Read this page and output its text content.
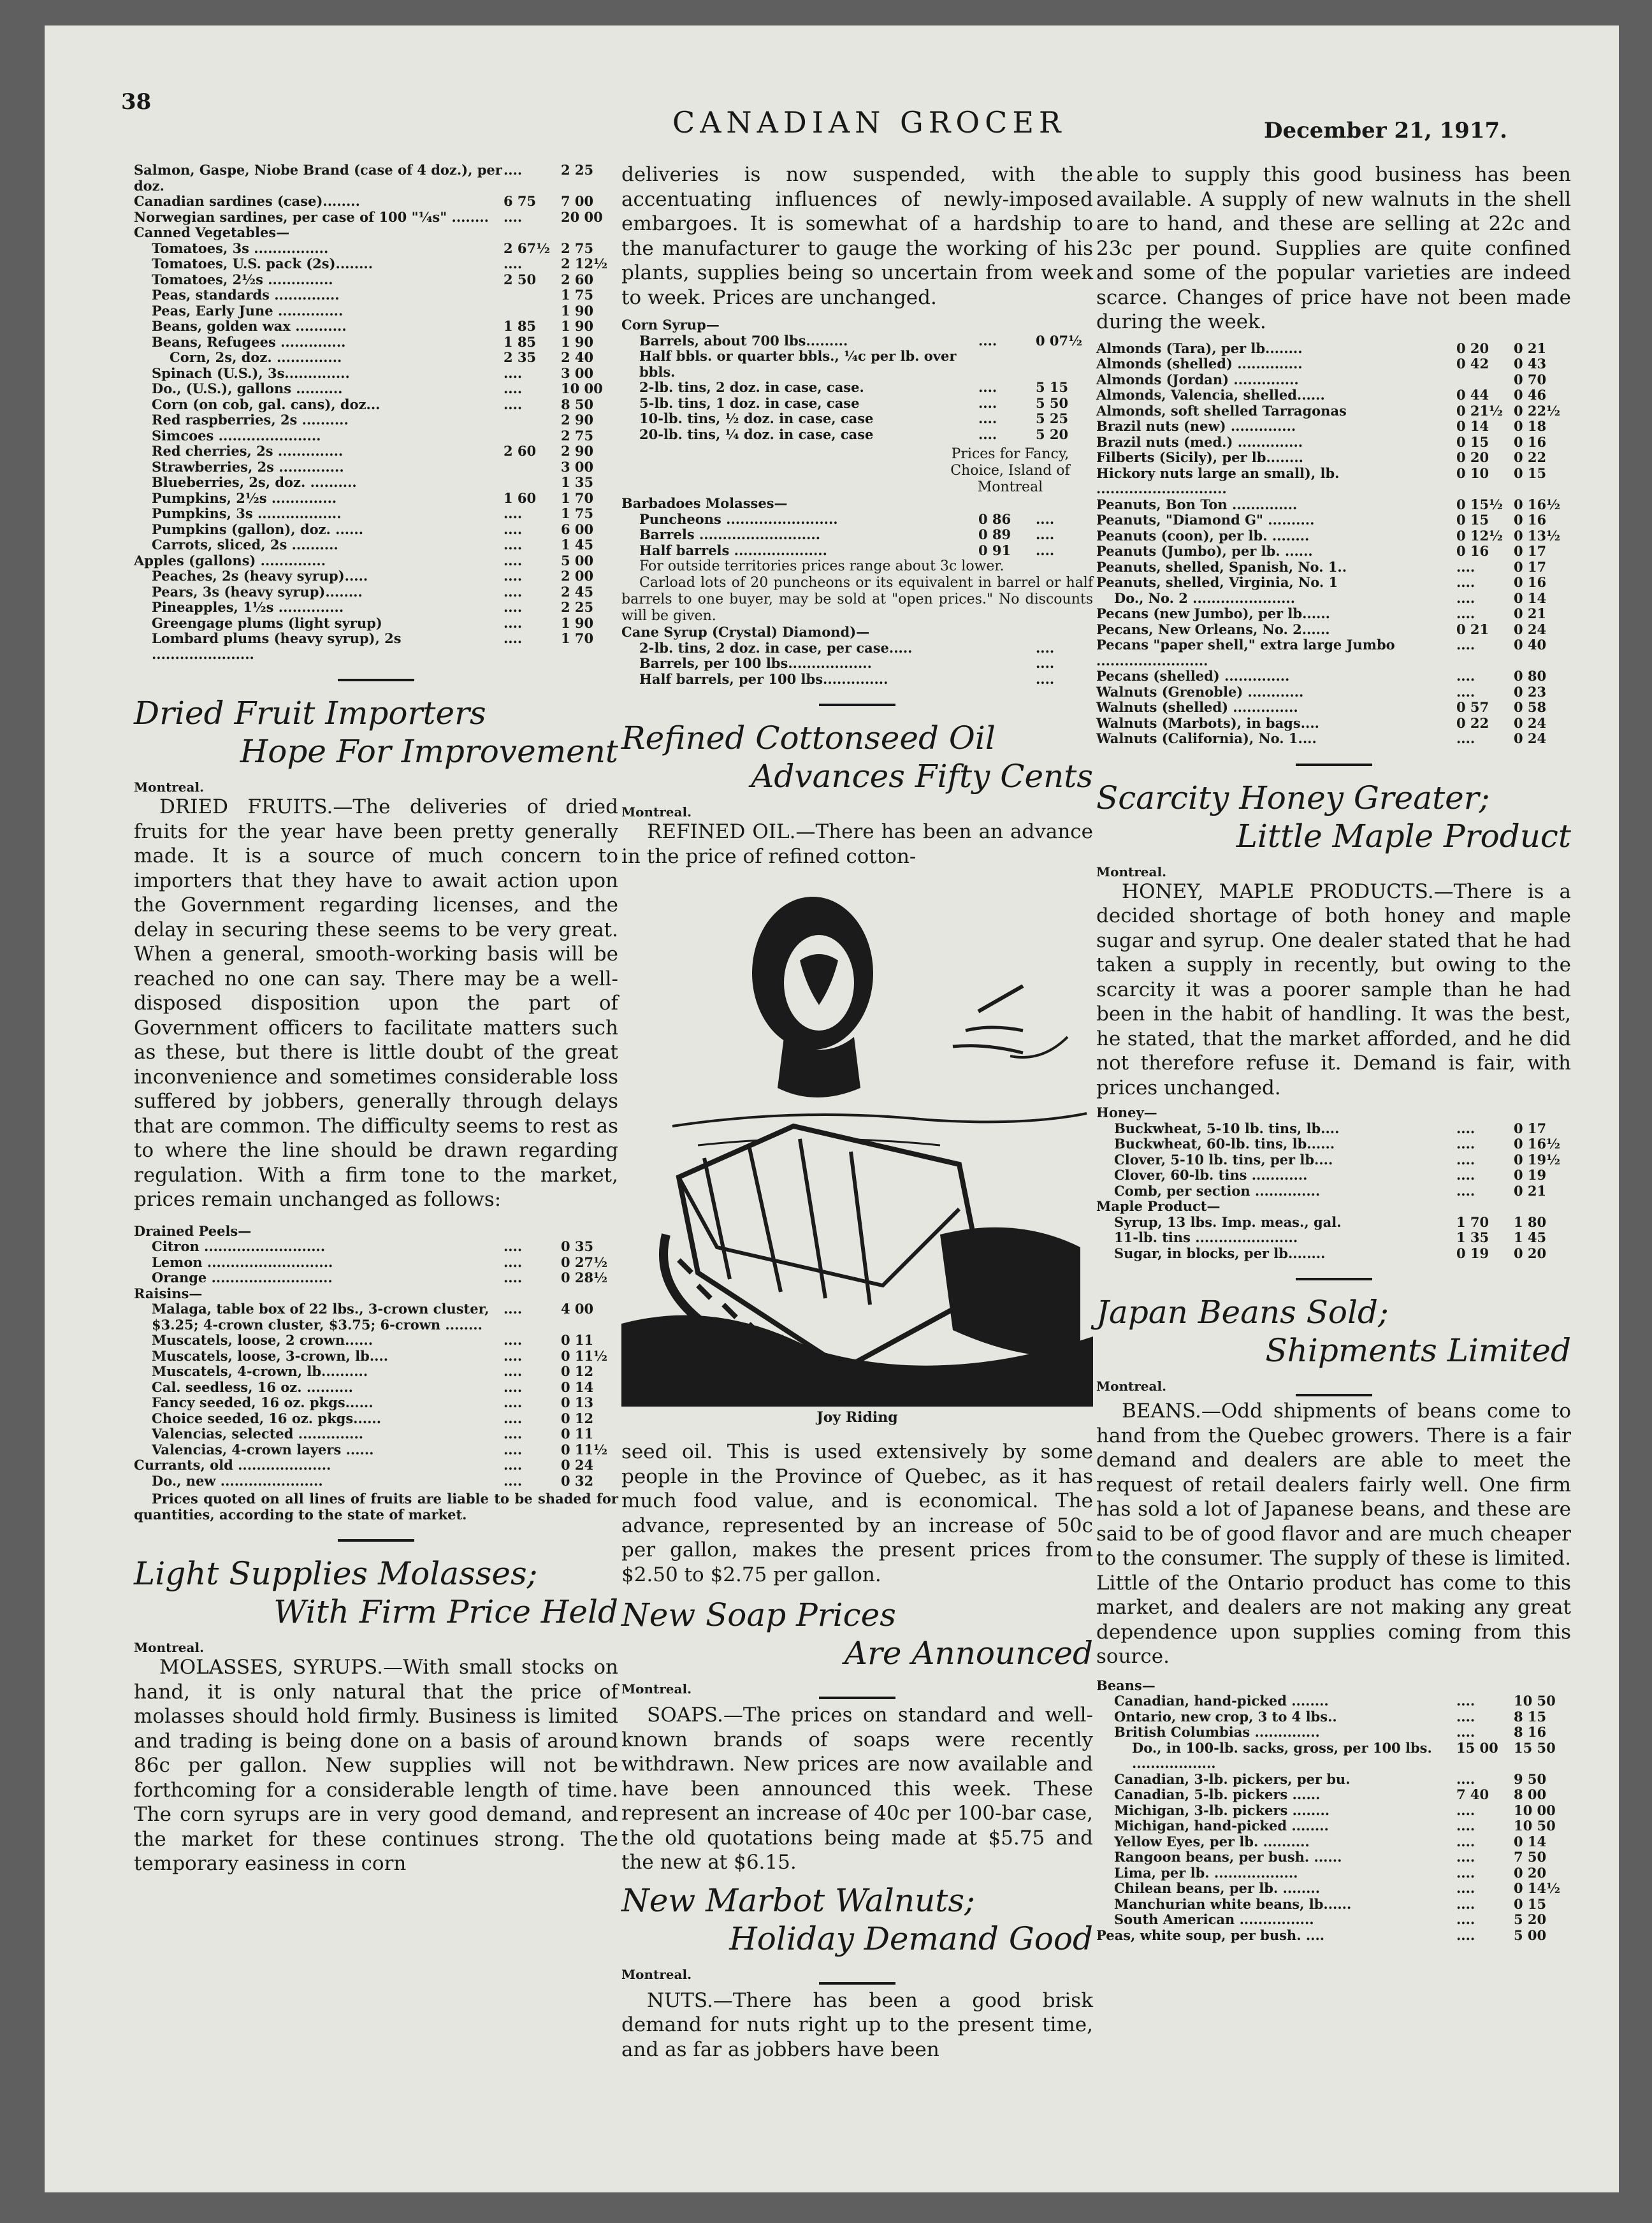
38
CANADIAN GROCER	December 21, 1917.
Salmon, Gaspe, Niobe Brand (case of 4 doz.), per doz.	....	2 25
Canadian sardines (case)........	6 75	7 00
Norwegian sardines, per case of 100 "¼s" ........	....	20 00
Canned Vegetables—		
Tomatoes, 3s ................	2 67½	2 75
Tomatoes, U.S. pack (2s)........	....	2 12½
Tomatoes, 2½s ..............	2 50	2 60
Peas, standards ..............		1 75
Peas, Early June ..............		1 90
Beans, golden wax ...........	1 85	1 90
Beans, Refugees ..............	1 85	1 90
Corn, 2s, doz. ..............	2 35	2 40
Spinach (U.S.), 3s..............	....	3 00
Do., (U.S.), gallons ..........	....	10 00
Corn (on cob, gal. cans), doz...	....	8 50
Red raspberries, 2s ..........		2 90
Simcoes ......................		2 75
Red cherries, 2s ..............	2 60	2 90
Strawberries, 2s ..............		3 00
Blueberries, 2s, doz. ..........		1 35
Pumpkins, 2½s ..............	1 60	1 70
Pumpkins, 3s ..................	....	1 75
Pumpkins (gallon), doz. ......	....	6 00
Carrots, sliced, 2s ..........	....	1 45
Apples (gallons) ..............	....	5 00
Peaches, 2s (heavy syrup).....	....	2 00
Pears, 3s (heavy syrup)........	....	2 45
Pineapples, 1½s ..............	....	2 25
Greengage plums (light syrup)	....	1 90
Lombard plums (heavy syrup), 2s ......................	....	1 70

Dried Fruit Importers

Hope For Improvement

Montreal.

DRIED FRUITS.—The deliveries of dried fruits for the year have been pretty generally made. It is a source of much concern to importers that they have to await action upon the Government regarding licenses, and the delay in securing these seems to be very great. When a general, smooth-working basis will be reached no one can say. There may be a well-disposed disposition upon the part of Government officers to facilitate matters such as these, but there is little doubt of the great inconvenience and sometimes considerable loss suffered by jobbers, generally through delays that are common. The difficulty seems to rest as to where the line should be drawn regarding regulation. With a firm tone to the market, prices remain unchanged as follows:

Drained Peels—		
Citron ..........................	....	0 35
Lemon ...........................	....	0 27½
Orange ..........................	....	0 28½
Raisins—		
Malaga, table box of 22 lbs., 3-crown cluster, $3.25; 4-crown cluster, $3.75; 6-crown ........	....	4 00
Muscatels, loose, 2 crown......	....	0 11
Muscatels, loose, 3-crown, lb....	....	0 11½
Muscatels, 4-crown, lb..........	....	0 12
Cal. seedless, 16 oz. ..........	....	0 14
Fancy seeded, 16 oz. pkgs......	....	0 13
Choice seeded, 16 oz. pkgs......	....	0 12
Valencias, selected ..............	....	0 11
Valencias, 4-crown layers ......	....	0 11½
Currants, old ....................	....	0 24
Do., new ......................	....	0 32

Prices quoted on all lines of fruits are liable to be shaded for quantities, according to the state of market.

Light Supplies Molasses;

With Firm Price Held

Montreal.

MOLASSES, SYRUPS.—With small stocks on hand, it is only natural that the price of molasses should hold firmly. Business is limited and trading is being done on a basis of around 86c per gallon. New supplies will not be forthcoming for a considerable length of time. The corn syrups are in very good demand, and the market for these continues strong. The temporary easiness in corn

deliveries is now suspended, with the accentuating influences of newly-imposed embargoes. It is somewhat of a hardship to the manufacturer to gauge the working of his plants, supplies being so uncertain from week to week. Prices are unchanged.

Corn Syrup—		
Barrels, about 700 lbs.........	....	0 07½
Half bbls. or quarter bbls., ¼c per lb. over bbls.		
2-lb. tins, 2 doz. in case, case.	....	5 15
5-lb. tins, 1 doz. in case, case	....	5 50
10-lb. tins, ½ doz. in case, case	....	5 25
20-lb. tins, ¼ doz. in case, case	....	5 20

Prices for Fancy, Choice, Island of Montreal

Barbadoes Molasses—		
Puncheons ........................	0 86	....
Barrels ..........................	0 89	....
Half barrels ....................	0 91	....

For outside territories prices range about 3c lower.

Carload lots of 20 puncheons or its equivalent in barrel or half barrels to one buyer, may be sold at "open prices." No discounts will be given.

Cane Syrup (Crystal) Diamond)—		
2-lb. tins, 2 doz. in case, per case.....		....
Barrels, per 100 lbs..................		....
Half barrels, per 100 lbs..............		....

Refined Cottonseed Oil

Advances Fifty Cents

Montreal.

REFINED OIL.—There has been an advance in the price of refined cotton-

Joy Riding

seed oil. This is used extensively by some people in the Province of Quebec, as it has much food value, and is economical. The advance, represented by an increase of 50c per gallon, makes the present prices from $2.50 to $2.75 per gallon.

New Soap Prices

Are Announced

Montreal.

SOAPS.—The prices on standard and well-known brands of soaps were recently withdrawn. New prices are now available and have been announced this week. These represent an increase of 40c per 100-bar case, the old quotations being made at $5.75 and the new at $6.15.

New Marbot Walnuts;

Holiday Demand Good

Montreal.

NUTS.—There has been a good brisk demand for nuts right up to the present time, and as far as jobbers have been

able to supply this good business has been available. A supply of new walnuts in the shell are to hand, and these are selling at 22c and 23c per pound. Supplies are quite confined and some of the popular varieties are indeed scarce. Changes of price have not been made during the week.

Almonds (Tara), per lb........	0 20	0 21
Almonds (shelled) ..............	0 42	0 43
Almonds (Jordan) ..............		0 70
Almonds, Valencia, shelled......	0 44	0 46
Almonds, soft shelled Tarragonas	0 21½	0 22½
Brazil nuts (new) ..............	0 14	0 18
Brazil nuts (med.) ..............	0 15	0 16
Filberts (Sicily), per lb........	0 20	0 22
Hickory nuts large an small), lb. ............................	0 10	0 15
Peanuts, Bon Ton ..............	0 15½	0 16½
Peanuts, "Diamond G" ..........	0 15	0 16
Peanuts (coon), per lb. ........	0 12½	0 13½
Peanuts (Jumbo), per lb. ......	0 16	0 17
Peanuts, shelled, Spanish, No. 1..	....	0 17
Peanuts, shelled, Virginia, No. 1	....	0 16
Do., No. 2 ......................	....	0 14
Pecans (new Jumbo), per lb......	....	0 21
Pecans, New Orleans, No. 2......	0 21	0 24
Pecans "paper shell," extra large Jumbo ........................	....	0 40
Pecans (shelled) ..............	....	0 80
Walnuts (Grenoble) ............	....	0 23
Walnuts (shelled) ..............	0 57	0 58
Walnuts (Marbots), in bags....	0 22	0 24
Walnuts (California), No. 1....	....	0 24

Scarcity Honey Greater;

Little Maple Product

Montreal.

HONEY, MAPLE PRODUCTS.—There is a decided shortage of both honey and maple sugar and syrup. One dealer stated that he had taken a supply in recently, but owing to the scarcity it was a poorer sample than he had been in the habit of handling. It was the best, he stated, that the market afforded, and he did not therefore refuse it. Demand is fair, with prices unchanged.

Honey—		
Buckwheat, 5-10 lb. tins, lb....	....	0 17
Buckwheat, 60-lb. tins, lb......	....	0 16½
Clover, 5-10 lb. tins, per lb....	....	0 19½
Clover, 60-lb. tins ............	....	0 19
Comb, per section ..............	....	0 21
Maple Product—		
Syrup, 13 lbs. Imp. meas., gal.	1 70	1 80
11-lb. tins ......................	1 35	1 45
Sugar, in blocks, per lb........	0 19	0 20

Japan Beans Sold;

Shipments Limited

Montreal.

BEANS.—Odd shipments of beans come to hand from the Quebec growers. There is a fair demand and dealers are able to meet the request of retail dealers fairly well. One firm has sold a lot of Japanese beans, and these are said to be of good flavor and are much cheaper to the consumer. The supply of these is limited. Little of the Ontario product has come to this market, and dealers are not making any great dependence upon supplies coming from this source.

Beans—		
Canadian, hand-picked ........	....	10 50
Ontario, new crop, 3 to 4 lbs..	....	8 15
British Columbias ..............	....	8 16
Do., in 100-lb. sacks, gross, per 100 lbs. ..................	15 00	15 50
Canadian, 3-lb. pickers, per bu.	....	9 50
Canadian, 5-lb. pickers ......	7 40	8 00
Michigan, 3-lb. pickers ........	....	10 00
Michigan, hand-picked ........	....	10 50
Yellow Eyes, per lb. ..........	....	0 14
Rangoon beans, per bush. ......	....	7 50
Lima, per lb. ..................	....	0 20
Chilean beans, per lb. ........	....	0 14½
Manchurian white beans, lb......	....	0 15
South American ................	....	5 20
Peas, white soup, per bush. ....	....	5 00
